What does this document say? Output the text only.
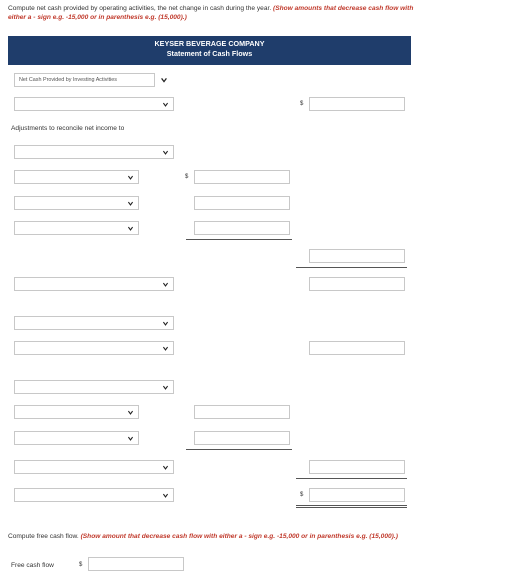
Compute net cash provided by operating activities, the net change in cash during the year. (Show amounts that decrease cash flow with
either a - sign e.g. -15,000 or in parenthesis e.g. (15,000).)
KEYSER BEVERAGE COMPANY
Statement of Cash Flows
Net Cash Provided by Investing Activities
$
Adjustments to reconcile net income to
$
$
Compute free cash flow. (Show amount that decrease cash flow with either a - sign e.g. -15,000 or in parenthesis e.g. (15,000).)
Free cash flow	$
